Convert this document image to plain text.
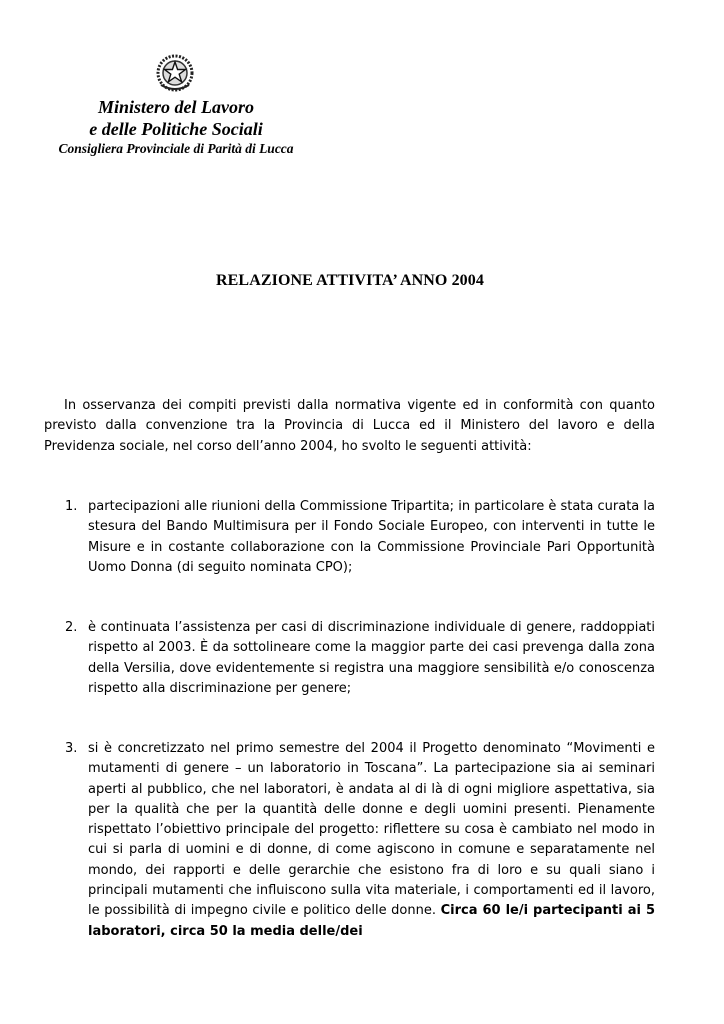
Ministero del Lavoro
e delle Politiche Sociali
Consigliera Provinciale di Parità di Lucca
RELAZIONE ATTIVITA’ ANNO 2004

In osservanza dei compiti previsti dalla normativa vigente ed in conformità con quanto previsto dalla convenzione tra la Provincia di Lucca ed il Ministero del lavoro e della Previdenza sociale, nel corso dell’anno 2004, ho svolto le seguenti attività:

1. partecipazioni alle riunioni della Commissione Tripartita; in particolare è stata curata la stesura del Bando Multimisura per il Fondo Sociale Europeo, con interventi in tutte le Misure e in costante collaborazione con la Commissione Provinciale Pari Opportunità Uomo Donna (di seguito nominata CPO);
2. è continuata l’assistenza per casi di discriminazione individuale di genere, raddoppiati rispetto al 2003. È da sottolineare come la maggior parte dei casi prevenga dalla zona della Versilia, dove evidentemente si registra una maggiore sensibilità e/o conoscenza rispetto alla discriminazione per genere;
3. si è concretizzato nel primo semestre del 2004 il Progetto denominato “Movimenti e mutamenti di genere – un laboratorio in Toscana”. La partecipazione sia ai seminari aperti al pubblico, che nel laboratori, è andata al di là di ogni migliore aspettativa, sia per la qualità che per la quantità delle donne e degli uomini presenti. Pienamente rispettato l’obiettivo principale del progetto: riflettere su cosa è cambiato nel modo in cui si parla di uomini e di donne, di come agiscono in comune e separatamente nel mondo, dei rapporti e delle gerarchie che esistono fra di loro e su quali siano i principali mutamenti che influiscono sulla vita materiale, i comportamenti ed il lavoro, le possibilità di impegno civile e politico delle donne. Circa 60 le/i partecipanti ai 5 laboratori, circa 50 la media delle/dei
